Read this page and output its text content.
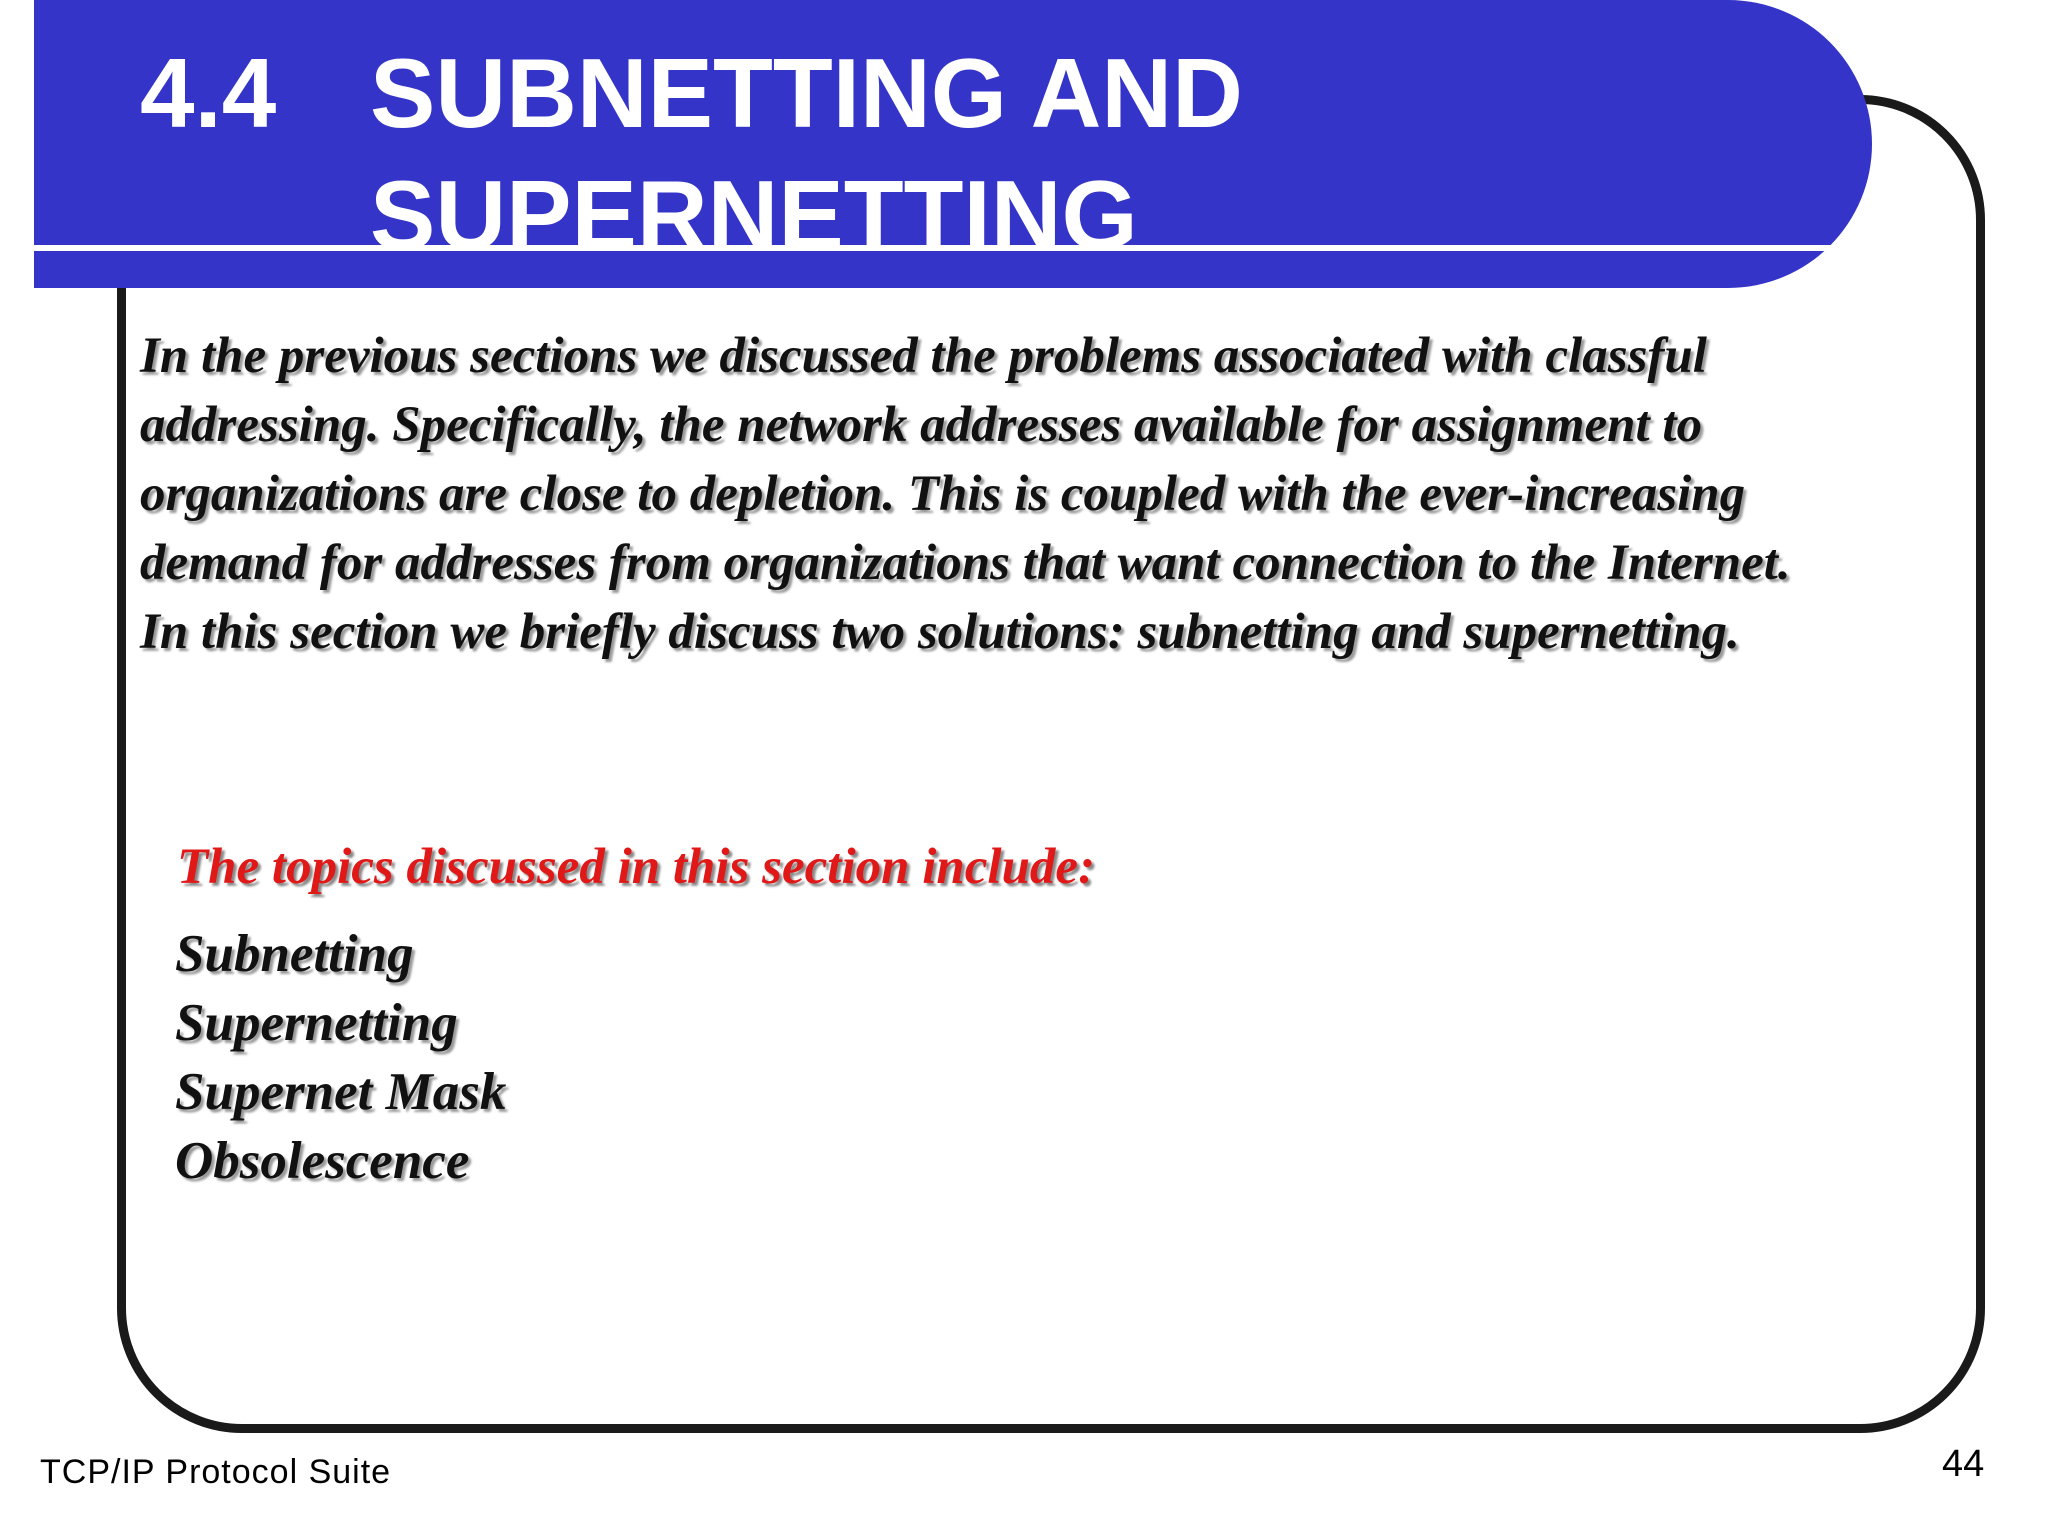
4.4 SUBNETTING AND SUPERNETTING

In the previous sections we discussed the problems associated with classful addressing. Specifically, the network addresses available for assignment to organizations are close to depletion. This is coupled with the ever-increasing demand for addresses from organizations that want connection to the Internet. In this section we briefly discuss two solutions: subnetting and supernetting.

The topics discussed in this section include:

Subnetting
Supernetting
Supernet Mask
Obsolescence
TCP/IP Protocol Suite	44
